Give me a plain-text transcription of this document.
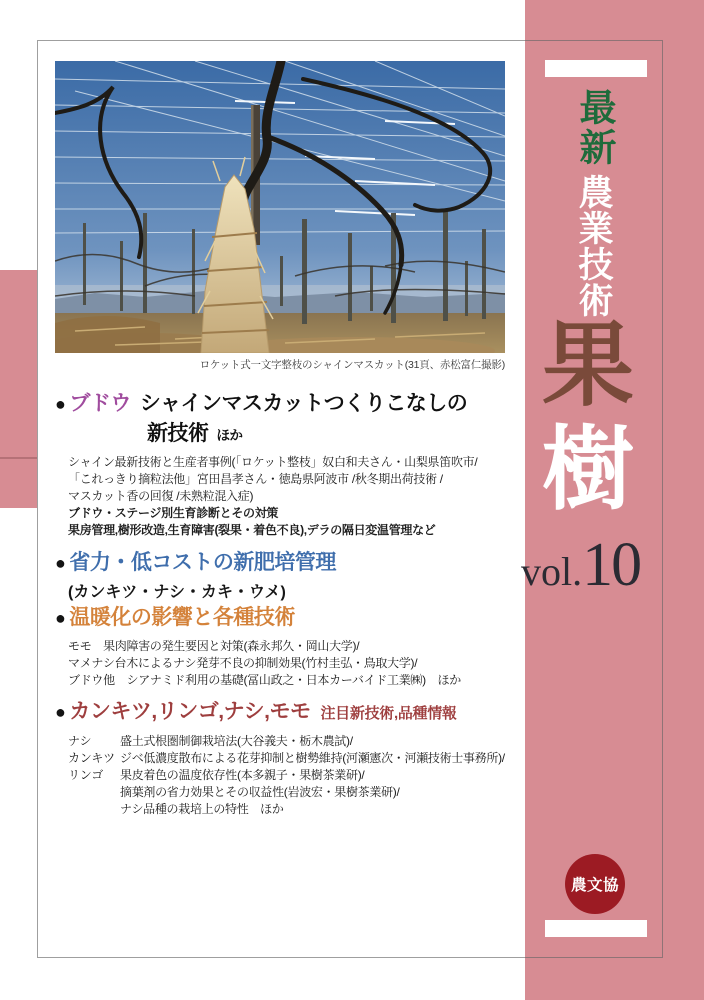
最新
農業技術
果
樹
vol. 10
農文協
ロケット式一文字整枝のシャインマスカット(31頁、赤松富仁撮影)
● ブドウ シャインマスカットつくりこなしの
新技術 ほか
シャイン最新技術と生産者事例(「ロケット整枝」奴白和夫さん・山梨県笛吹市/
「これっきり摘粒法他」宮田昌孝さん・徳島県阿波市 /秋冬期出荷技術 /
マスカット香の回復 /未熟粒混入症)
ブドウ・ステージ別生育診断とその対策
果房管理,樹形改造,生育障害(裂果・着色不良),デラの隔日変温管理など
● 省力・低コストの新肥培管理
(カンキツ・ナシ・カキ・ウメ)
● 温暖化の影響と各種技術
モモ　果肉障害の発生要因と対策(森永邦久・岡山大学)/
マメナシ台木によるナシ発芽不良の抑制効果(竹村圭弘・鳥取大学)/
ブドウ他　シアナミド利用の基礎(冨山政之・日本カーバイド工業㈱)　ほか
● カンキツ,リンゴ,ナシ,モモ 注目新技術,品種情報
ナシ	盛土式根圏制御栽培法(大谷義夫・栃木農試)/
カンキツ ジベ低濃度散布による花芽抑制と樹勢維持(河瀬憲次・河瀬技術士事務所)/
リンゴ	果皮着色の温度依存性(本多親子・果樹茶業研)/
摘葉剤の省力効果とその収益性(岩波宏・果樹茶業研)/
ナシ品種の栽培上の特性　ほか
